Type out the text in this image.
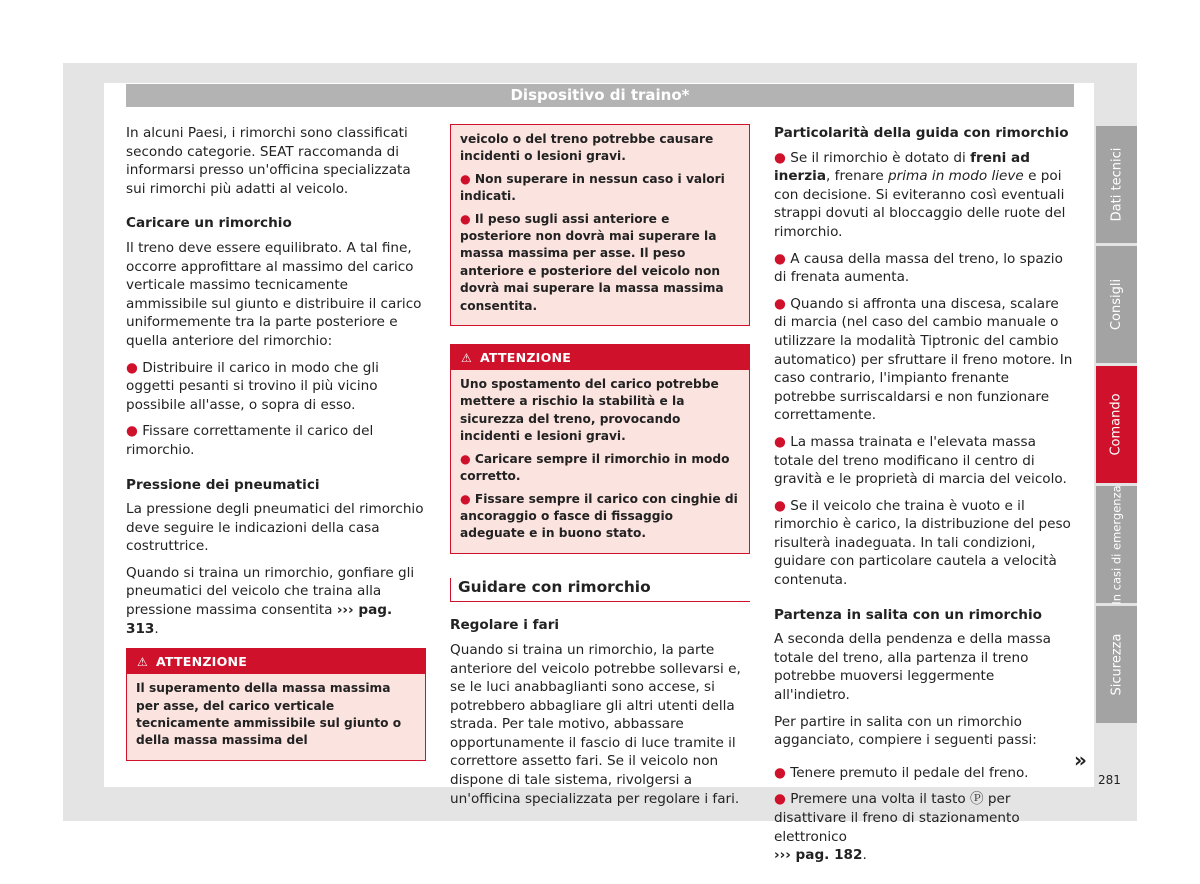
Dispositivo di traino*

In alcuni Paesi, i rimorchi sono classificati secondo categorie. SEAT raccomanda di informarsi presso un'officina specializzata sui rimorchi più adatti al veicolo.

Caricare un rimorchio

Il treno deve essere equilibrato. A tal fine, occorre approfittare al massimo del carico verticale massimo tecnicamente ammissibile sul giunto e distribuire il carico uniformemente tra la parte posteriore e quella anteriore del rimorchio:

● Distribuire il carico in modo che gli oggetti pesanti si trovino il più vicino possibile all'asse, o sopra di esso.

● Fissare correttamente il carico del rimorchio.

Pressione dei pneumatici

La pressione degli pneumatici del rimorchio deve seguire le indicazioni della casa costruttrice.

Quando si traina un rimorchio, gonfiare gli pneumatici del veicolo che traina alla pressione massima consentita ››› pag. 313.

⚠ ATTENZIONE

Il superamento della massa massima per asse, del carico verticale tecnicamente ammissibile sul giunto o della massa massima del

veicolo o del treno potrebbe causare incidenti o lesioni gravi.

● Non superare in nessun caso i valori indicati.

● Il peso sugli assi anteriore e posteriore non dovrà mai superare la massa massima per asse. Il peso anteriore e posteriore del veicolo non dovrà mai superare la massa massima consentita.

⚠ ATTENZIONE

Uno spostamento del carico potrebbe mettere a rischio la stabilità e la sicurezza del treno, provocando incidenti e lesioni gravi.

● Caricare sempre il rimorchio in modo corretto.

● Fissare sempre il carico con cinghie di ancoraggio o fasce di fissaggio adeguate e in buono stato.

Guidare con rimorchio

Regolare i fari

Quando si traina un rimorchio, la parte anteriore del veicolo potrebbe sollevarsi e, se le luci anabbaglianti sono accese, si potrebbero abbagliare gli altri utenti della strada. Per tale motivo, abbassare opportunamente il fascio di luce tramite il correttore assetto fari. Se il veicolo non dispone di tale sistema, rivolgersi a un'officina specializzata per regolare i fari.

Particolarità della guida con rimorchio

● Se il rimorchio è dotato di freni ad inerzia, frenare prima in modo lieve e poi con decisione. Si eviteranno così eventuali strappi dovuti al bloccaggio delle ruote del rimorchio.

● A causa della massa del treno, lo spazio di frenata aumenta.

● Quando si affronta una discesa, scalare di marcia (nel caso del cambio manuale o utilizzare la modalità Tiptronic del cambio automatico) per sfruttare il freno motore. In caso contrario, l'impianto frenante potrebbe surriscaldarsi e non funzionare correttamente.

● La massa trainata e l'elevata massa totale del treno modificano il centro di gravità e le proprietà di marcia del veicolo.

● Se il veicolo che traina è vuoto e il rimorchio è carico, la distribuzione del peso risulterà inadeguata. In tali condizioni, guidare con particolare cautela a velocità contenuta.

Partenza in salita con un rimorchio

A seconda della pendenza e della massa totale del treno, alla partenza il treno potrebbe muoversi leggermente all'indietro.

Per partire in salita con un rimorchio agganciato, compiere i seguenti passi:

● Tenere premuto il pedale del freno.

● Premere una volta il tasto Ⓟ per disattivare il freno di stazionamento elettronico
››› pag. 182.

Dati tecnici
Consigli
Comando
In casi di emergenza
Sicurezza
»
281
